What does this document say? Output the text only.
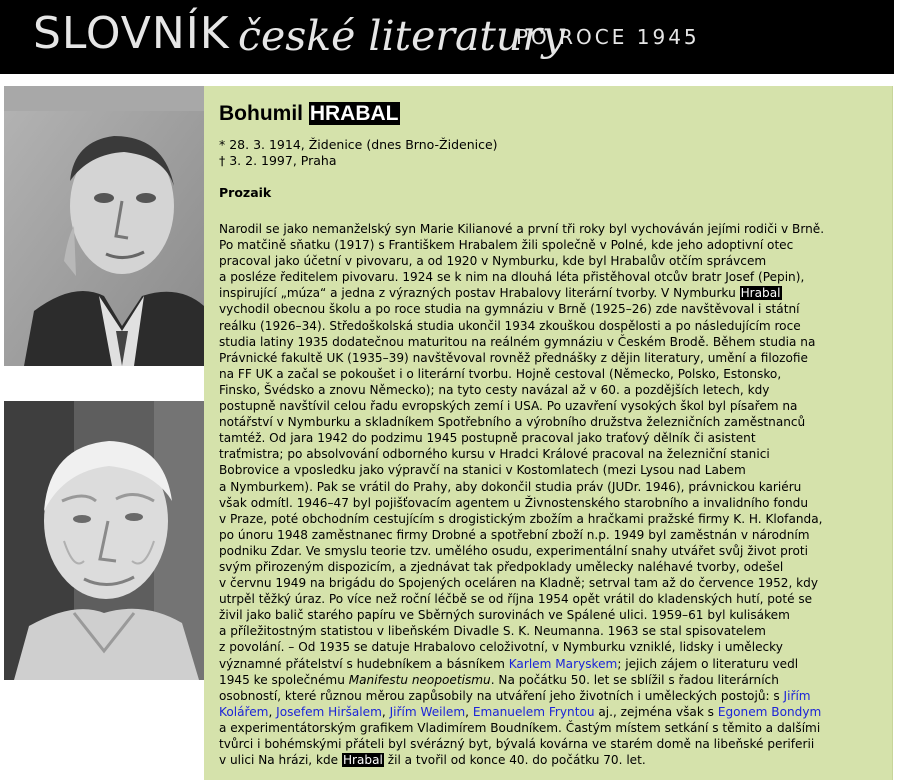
SLOVNÍK české literatury
PO ROCE 1945
Bohumil HRABAL
* 28. 3. 1914, Židenice (dnes Brno-Židenice)
† 3. 2. 1997, Praha
Prozaik
Narodil se jako nemanželský syn Marie Kilianové a první tři roky byl vychováván jejími rodiči v Brně.
Po matčině sňatku (1917) s Františkem Hrabalem žili společně v Polné, kde jeho adoptivní otec
pracoval jako účetní v pivovaru, a od 1920 v Nymburku, kde byl Hrabalův otčím správcem
a posléze ředitelem pivovaru. 1924 se k nim na dlouhá léta přistěhoval otcův bratr Josef (Pepin),
inspirující „múza“ a jedna z výrazných postav Hrabalovy literární tvorby. V Nymburku Hrabal
vychodil obecnou školu a po roce studia na gymnáziu v Brně (1925–26) zde navštěvoval i státní
reálku (1926–34). Středoškolská studia ukončil 1934 zkouškou dospělosti a po následujícím roce
studia latiny 1935 dodatečnou maturitou na reálném gymnáziu v Českém Brodě. Během studia na
Právnické fakultě UK (1935–39) navštěvoval rovněž přednášky z dějin literatury, umění a filozofie
na FF UK a začal se pokoušet i o literární tvorbu. Hojně cestoval (Německo, Polsko, Estonsko,
Finsko, Švédsko a znovu Německo); na tyto cesty navázal až v 60. a pozdějších letech, kdy
postupně navštívil celou řadu evropských zemí i USA. Po uzavření vysokých škol byl písařem na
notářství v Nymburku a skladníkem Spotřebního a výrobního družstva železničních zaměstnanců
tamtéž. Od jara 1942 do podzimu 1945 postupně pracoval jako traťový dělník či asistent
traťmistra; po absolvování odborného kursu v Hradci Králové pracoval na železniční stanici
Bobrovice a vposledku jako výpravčí na stanici v Kostomlatech (mezi Lysou nad Labem
a Nymburkem). Pak se vrátil do Prahy, aby dokončil studia práv (JUDr. 1946), právnickou kariéru
však odmítl. 1946–47 byl pojišťovacím agentem u Živnostenského starobního a invalidního fondu
v Praze, poté obchodním cestujícím s drogistickým zbožím a hračkami pražské firmy K. H. Klofanda,
po únoru 1948 zaměstnanec firmy Drobné a spotřební zboží n.p. 1949 byl zaměstnán v národním
podniku Zdar. Ve smyslu teorie tzv. umělého osudu, experimentální snahy utvářet svůj život proti
svým přirozeným dispozicím, a zjednávat tak předpoklady umělecky naléhavé tvorby, odešel
v červnu 1949 na brigádu do Spojených oceláren na Kladně; setrval tam až do července 1952, kdy
utrpěl těžký úraz. Po více než roční léčbě se od října 1954 opět vrátil do kladenských hutí, poté se
živil jako balič starého papíru ve Sběrných surovinách ve Spálené ulici. 1959–61 byl kulisákem
a příležitostným statistou v libeňském Divadle S. K. Neumanna. 1963 se stal spisovatelem
z povolání. – Od 1935 se datuje Hrabalovo celoživotní, v Nymburku vzniklé, lidsky i umělecky
významné přátelství s hudebníkem a básníkem Karlem Maryskem; jejich zájem o literaturu vedl
1945 ke společnému Manifestu neopoetismu. Na počátku 50. let se sblížil s řadou literárních
osobností, které různou měrou zapůsobily na utváření jeho životních i uměleckých postojů: s Jiřím
Kolářem, Josefem Hiršalem, Jiřím Weilem, Emanuelem Fryntou aj., zejména však s Egonem Bondym
a experimentátorským grafikem Vladimírem Boudníkem. Častým místem setkání s těmito a dalšími
tvůrci i bohémskými přáteli byl svérázný byt, bývalá kovárna ve starém domě na libeňské periferii
v ulici Na hrázi, kde Hrabal žil a tvořil od konce 40. do počátku 70. let.
